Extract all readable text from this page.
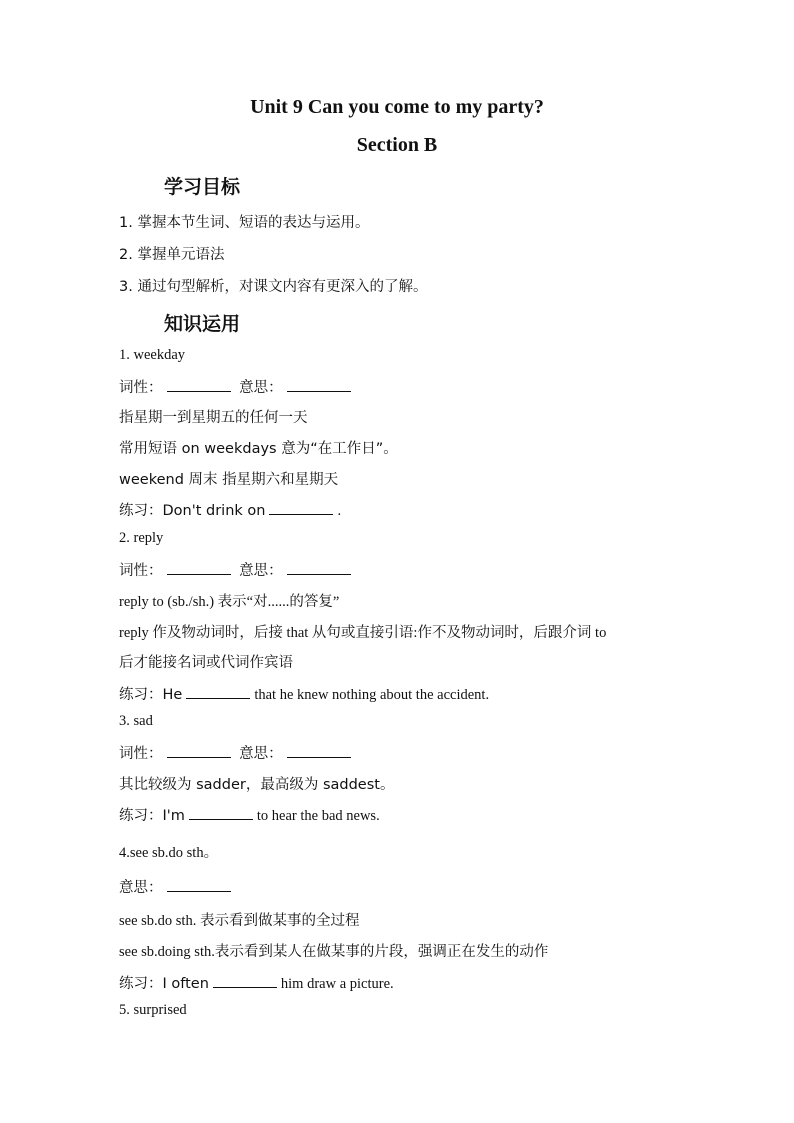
Unit 9 Can you come to my party?
Section B
学习目标
1. 掌握本节生词、短语的表达与运用。
2. 掌握单元语法
3. 通过句型解析，对课文内容有更深入的了解。
知识运用
1. weekday
词性：	意思：
指星期一到星期五的任何一天
常用短语 on weekdays 意为“在工作日”。
weekend 周末 指星期六和星期天
练习：Don't drink on	.
2. reply
词性：	意思：
reply to (sb./sh.) 表示“对......的答复”
reply 作及物动词时，后接 that 从句或直接引语:作不及物动词时，后跟介词 to
后才能接名词或代词作宾语
练习：He	that he knew nothing about the accident.
3. sad
词性：	意思：
其比较级为 sadder，最高级为 saddest。
练习：I'm	to hear the bad news.
4.see sb.do sth。
意思：
see sb.do sth. 表示看到做某事的全过程
see sb.doing sth.表示看到某人在做某事的片段，强调正在发生的动作
练习：I often	him draw a picture.
5. surprised
